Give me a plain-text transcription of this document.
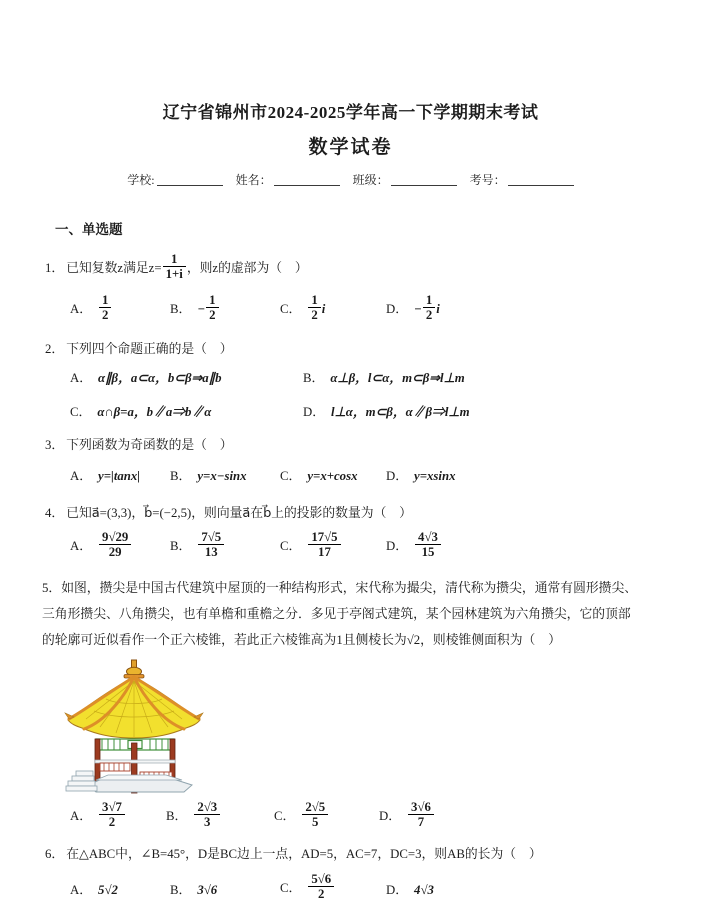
辽宁省锦州市2024-2025学年高一下学期期末考试
数学试卷
学校:	姓名：	班级：	考号：
一、单选题
1． 已知复数z满足$z= \frac{1}{1+i}$ ，则z的虚部为（　）
A． $\frac{1}{2}$	B． − $\frac{1}{2}$	C． $\frac{1}{2}$ i	D． − $\frac{1}{2}$ i
2． 下列四个命题正确的是（　）
A． α∥β，a⊂α，b⊂β⇒a∥b	B． α⊥β，l⊂α，m⊂β⇒l⊥m
C． α∩β=a，b∥a⇒b∥α	D． l⊥α，m⊂β，α∥β⇒l⊥m
3． 下列函数为奇函数的是（　）
A． y=|tanx|	B． y=x−sinx	C． y=x+cosx	D． y=xsinx
4． 已知a⃗=(3,3)，b⃗=(−2,5)，则向量a⃗在b⃗上的投影的数量为（　）
A． $\frac{9√29}{29}$	B． $\frac{7√5}{13}$	C． $\frac{17√5}{17}$	D． $\frac{4√3}{15}$
5．如图，攒尖是中国古代建筑中屋顶的一种结构形式，宋代称为撮尖，清代称为攒尖，通常有圆形攒尖、
三角形攒尖、八角攒尖，也有单檐和重檐之分．多见于亭阁式建筑，某个园林建筑为六角攒尖，它的顶部
的轮廓可近似看作一个正六棱锥，若此正六棱锥高为1且侧棱长为√2，则棱锥侧面积为（　）
A． $\frac{3√7}{2}$	B． $\frac{2√3}{3}$	C． $\frac{2√5}{5}$	D． $\frac{3√6}{7}$
6． 在△ABC中，∠B=45°，D是BC边上一点，AD=5，AC=7，DC=3，则AB的长为（　）
A． 5√2	B． 3√6	C． $\frac{5√6}{2}$	D． 4√3
